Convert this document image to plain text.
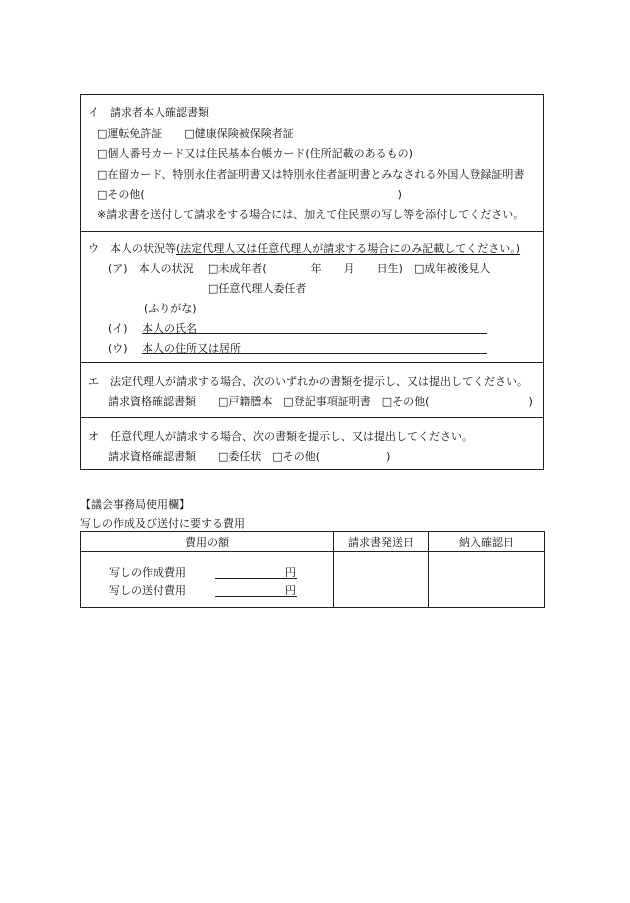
イ　請求者本人確認書類
□運転免許証　　□健康保険被保険者証
□個人番号カード又は住民基本台帳カード(住所記載のあるもの)
□在留カード、特別永住者証明書又は特別永住者証明書とみなされる外国人登録証明書
□その他(　　　　　　　　　　　　　　　　　　　　　　　)
※請求書を送付して請求をする場合には、加えて住民票の写し等を添付してください。
ウ　本人の状況等(法定代理人又は任意代理人が請求する場合にのみ記載してください。)
(ア)　本人の状況 □未成年者(　　　　年　　月　　日生)　□成年被後見人
□任意代理人委任者
(ふりがな)
(イ) 本人の氏名
(ウ) 本人の住所又は居所
エ　法定代理人が請求する場合、次のいずれかの書類を提示し、又は提出してください。
請求資格確認書類　　□戸籍謄本　□登記事項証明書　□その他(　　　　　　　　　)
オ　任意代理人が請求する場合、次の書類を提示し、又は提出してください。
請求資格確認書類　　□委任状　□その他(　　　　　　)
【議会事務局使用欄】
写しの作成及び送付に要する費用
費用の額	請求書発送日	納入確認日

写しの作成費用 円
写しの送付費用 円		
